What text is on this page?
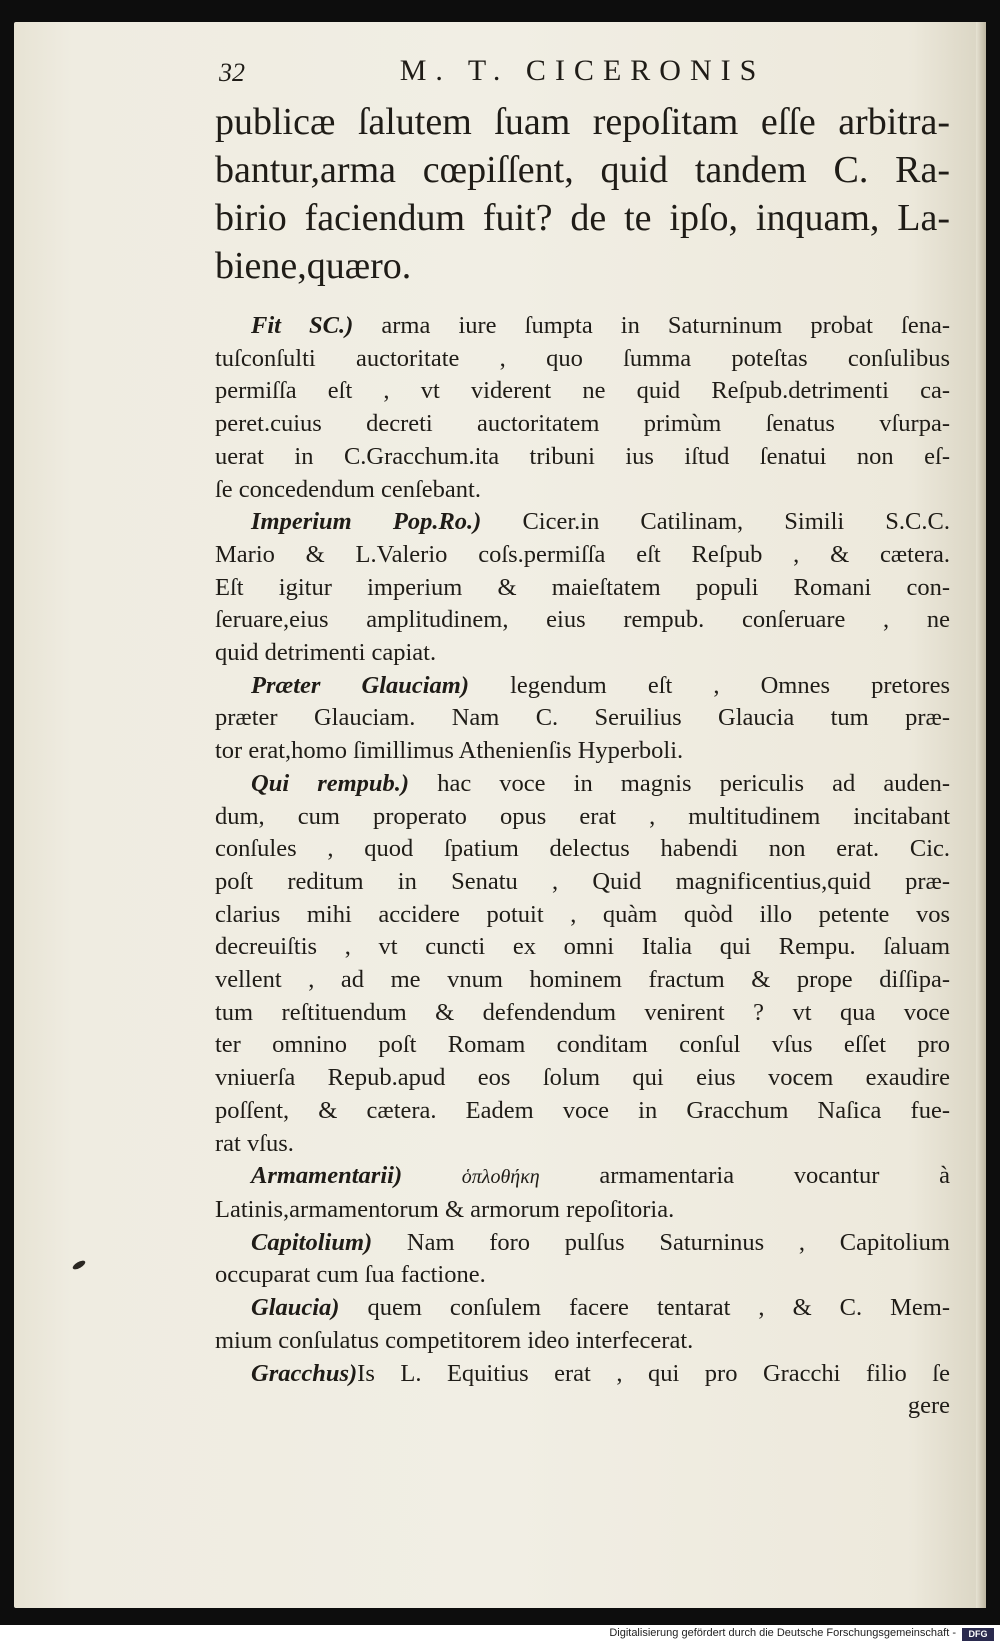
32	M. T. CICERONIS
publicæ ſalutem ſuam repoſitam eſſe arbitra-
bantur,arma cœpiſſent, quid tandem C. Ra-
birio faciendum fuit? de te ipſo, inquam, La-
biene,quæro.
Fit SC.) arma iure ſumpta in Saturninum probat ſena-
tuſconſulti auctoritate , quo ſumma poteſtas conſulibus
permiſſa eſt , vt viderent ne quid Reſpub.detrimenti ca-
peret.cuius decreti auctoritatem primùm ſenatus vſurpa-
uerat in C.Gracchum.ita tribuni ius iſtud ſenatui non eſ-
ſe concedendum cenſebant.
Imperium Pop.Ro.) Cicer.in Catilinam, Simili S.C.C.
Mario & L.Valerio coſs.permiſſa eſt Reſpub , & cætera.
Eſt igitur imperium & maieſtatem populi Romani con-
ſeruare,eius amplitudinem, eius rempub. conſeruare , ne
quid detrimenti capiat.
Præter Glauciam) legendum eſt , Omnes pretores
præter Glauciam. Nam C. Seruilius Glaucia tum præ-
tor erat,homo ſimillimus Athenienſis Hyperboli.
Qui rempub.) hac voce in magnis periculis ad auden-
dum, cum properato opus erat , multitudinem incitabant
conſules , quod ſpatium delectus habendi non erat. Cic.
poſt reditum in Senatu , Quid magnificentius,quid præ-
clarius mihi accidere potuit , quàm quòd illo petente vos
decreuiſtis , vt cuncti ex omni Italia qui Rempu. ſaluam
vellent , ad me vnum hominem fractum & prope diſſipa-
tum reſtituendum & defendendum venirent ? vt qua voce
ter omnino poſt Romam conditam conſul vſus eſſet pro
vniuerſa Repub.apud eos ſolum qui eius vocem exaudire
poſſent, & cætera. Eadem voce in Gracchum Naſica fue-
rat vſus.
Armamentarii)	ὁπλοθήκη armamentaria vocantur à
Latinis,armamentorum & armorum repoſitoria.
Capitolium) Nam foro pulſus Saturninus , Capitolium
occuparat cum ſua factione.
Glaucia) quem conſulem facere tentarat , & C. Mem-
mium conſulatus competitorem ideo interfecerat.
Gracchus)Is L. Equitius erat , qui pro Gracchi filio ſe
gere
Digitalisierung gefördert durch die Deutsche Forschungsgemeinschaft -	DFG
